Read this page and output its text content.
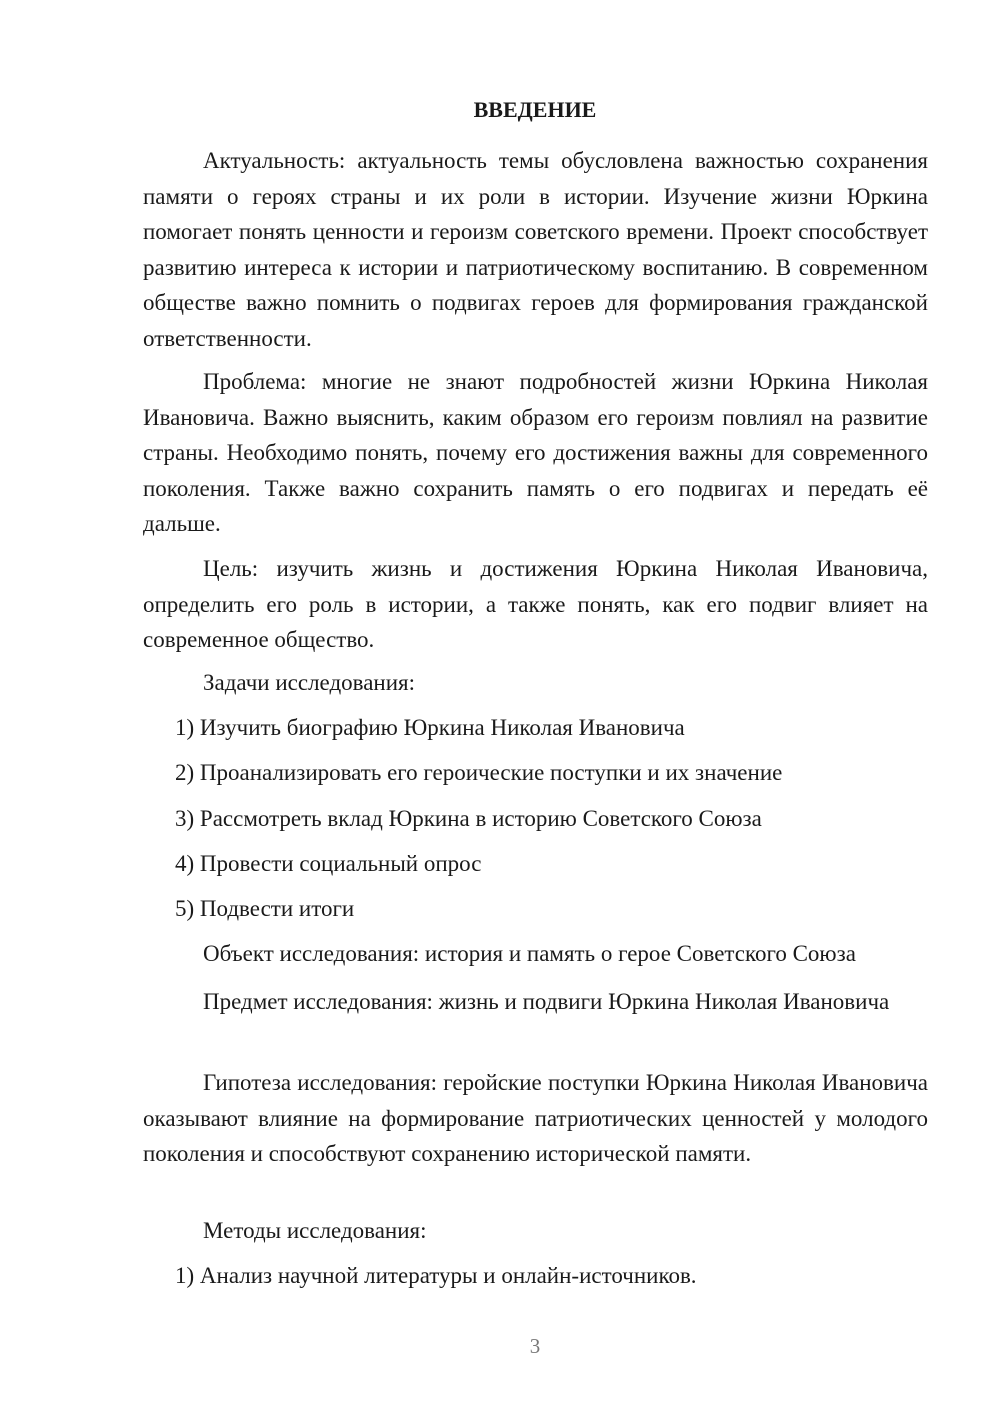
ВВЕДЕНИЕ
Актуальность: актуальность темы обусловлена важностью сохранения памяти о героях страны и их роли в истории. Изучение жизни Юркина помогает понять ценности и героизм советского времени. Проект способствует развитию интереса к истории и патриотическому воспитанию. В современном обществе важно помнить о подвигах героев для формирования гражданской ответственности.
Проблема: многие не знают подробностей жизни Юркина Николая Ивановича. Важно выяснить, каким образом его героизм повлиял на развитие страны. Необходимо понять, почему его достижения важны для современного поколения. Также важно сохранить память о его подвигах и передать её дальше.
Цель: изучить жизнь и достижения Юркина Николая Ивановича, определить его роль в истории, а также понять, как его подвиг влияет на современное общество.
Задачи исследования:
1) Изучить биографию Юркина Николая Ивановича
2) Проанализировать его героические поступки и их значение
3) Рассмотреть вклад Юркина в историю Советского Союза
4) Провести социальный опрос
5) Подвести итоги
Объект исследования: история и память о герое Советского Союза
Предмет исследования: жизнь и подвиги Юркина Николая Ивановича
Гипотеза исследования: геройские поступки Юркина Николая Ивановича оказывают влияние на формирование патриотических ценностей у молодого поколения и способствуют сохранению исторической памяти.
Методы исследования:
1) Анализ научной литературы и онлайн-источников.
3
